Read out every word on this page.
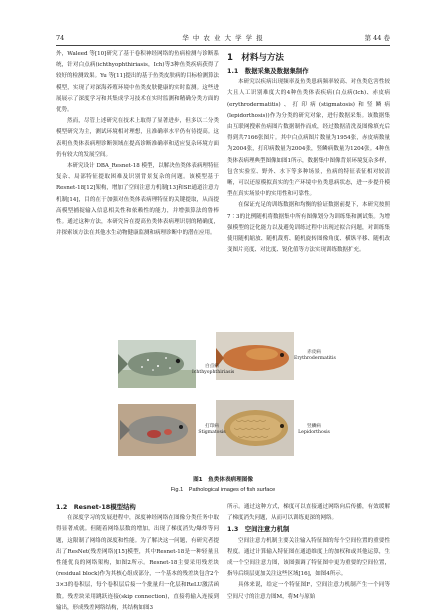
74	华 中 农 业 大 学 学 报	第 44 卷

外，Waleed 等[10]研究了基于卷积神经网络的鱼病检测与诊断系统，针对白点病(ichthyophthiriasis，Ich)等3种鱼类疾病获得了较好的检测效果。Yu 等[11]提出的基于鱼类皮肤病的目标检测算法模型，实现了对深海养殖环境中鱼类皮肤健康的实时监测。这些进展展示了深度学习和其集成学习技术在实时监测和精确分类方面的优势。

然而，尽管上述研究在技术上取得了显著进步，但多以二分类模型研究为主，测试环境相对理想，且准确率水平仍有待提高。这表明鱼类体表病理诊断领域在提高诊断准确率和适应复杂环境方面仍有较大的发展空间。

本研究设计 DBA_Resnet-18 模型，以解决鱼类体表病理特征复杂、局部特征提取困难及识别背景复杂的问题。该模型基于 Resnet-18[12]架构，增加了空间注意力机制[13]和SE通道注意力机制[14]，目的在于加强对鱼类体表病理特征的关键提取，从而提高模型捕捉输入信息相关性和依赖性的能力，并增强算法的鲁棒性。通过这种方法，本研究旨在提高鱼类体表病理识别的精确度，并探索该方法在其他水生动物健康监测和病理诊断中的潜在应用。

1　材料与方法
1.1　数据采集及数据集制作

本研究以疾病出现频率及鱼类患病频率较高、对鱼类危害性较大且人工识别难度大的4种鱼类体表疾病(白点病(Ich)、赤皮病(erythrodermatitis)、打印病(stigmatosis)和竖鳞病(lepidorthosis))作为分类的研究对象，进行数据采集。该数据集由互联网搜索鱼病图片数据制作而成，经过数据清洗及图像填充后得到共7166张图片。其中白点病图片数量为1954张，赤皮病数量为2004张，打印病数量为2004张，竖鳞病数量为1204张。4种鱼类体表病理典型图像如图1所示，数据集中图像背景环境复杂多样，包含实验室、野外、水下等多种场景，鱼病的特征表征相对较清晰，可以还原模拟真实的生产环境中鱼类患病状态，进一步提升模型在真实场景中的实用性和可靠性。

在保证充足的训练数据和均衡的验证数据前提下，本研究按照7∶3的比例随机将数据集中所有图像划分为训练集和测试集。为增强模型的泛化能力以及避免训练过程中出现过拟合问题，对训练集使用随机缩放、随机裁剪、随机旋转图像角度、横纵平移、随机改变图片亮度、对比度、锐化值等方法实现训练数据扩充。

白点病
Ichthyophthiriasis
赤皮病
Erythrodermatitis
打印病
Stigmatosis
竖鳞病
Lepidorthosis
图1　鱼类体表病理图像
Fig.1　Pathological images of fish surface
1.2　Resnet-18模型结构

在深度学习的发展进程中，深度神经网络在图像分类任务中取得显著成就。但随着网络层数的增加，出现了梯度消失/爆炸等问题，这限制了网络的深度和性能。为了解决这一问题，有研究者提出了ResNet(残差网络)[15]模型，其中Resnet-18是一种轻量且性能优良的网络架构，如图2所示。Resnet-18主要采用残差块(residual block)作为其核心组成部分，一个基本的残差块包含2个3×3的卷积层，每个卷积层后接一个批量归一化层和ReLU激活函数。残差块采用跳跃连接(skip connection)，直接将输入连接到输出，形成残差网络结构，其结构如图3

所示。通过这种方式，梯度可以直接通过网络向后传播，有效缓解了梯度消失问题，从而可以训练更深的网络。

1.3　空间注意力机制

空间注意力机制主要关注输入特征图的每个空间位置的重要性程度。通过计算输入特征图在通道维度上的加权和或其他运算，生成一个空间注意力图，该图强调了特征图中更为重要的空间位置，指导后续层更加关注这些区域[16]，如图4所示。

具体来说，给定一个特征图F，空间注意力机制产生一个同等空间尺寸的注意力图M，将M与原始
